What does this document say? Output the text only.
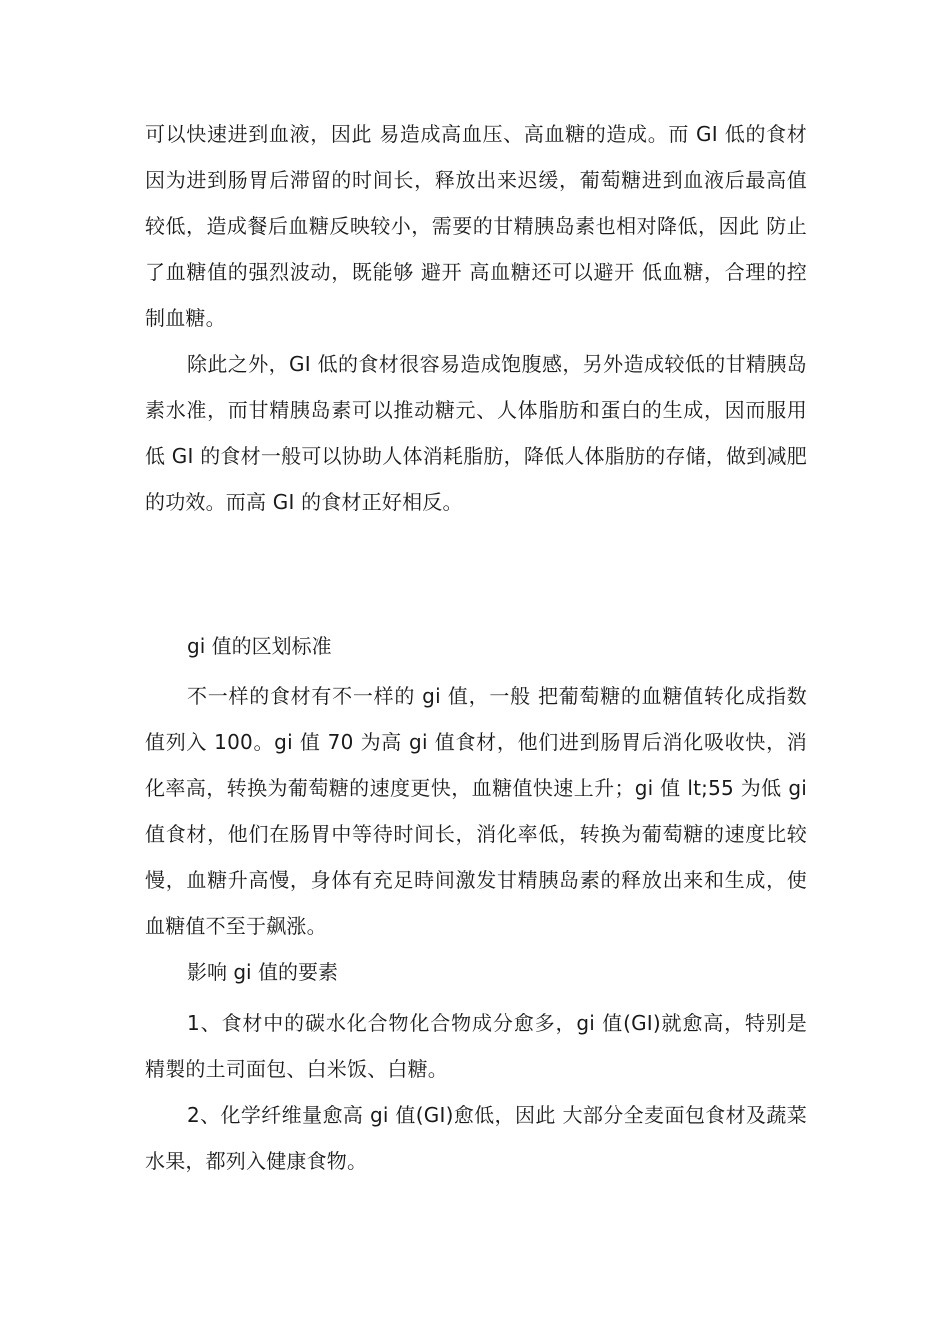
可以快速进到血液，因此 易造成高血压、高血糖的造成。而 GI 低的食材因为进到肠胃后滞留的时间长，释放出来迟缓，葡萄糖进到血液后最高值较低，造成餐后血糖反映较小，需要的甘精胰岛素也相对降低，因此 防止了血糖值的强烈波动，既能够 避开 高血糖还可以避开 低血糖，合理的控制血糖。

除此之外，GI 低的食材很容易造成饱腹感，另外造成较低的甘精胰岛素水准，而甘精胰岛素可以推动糖元、人体脂肪和蛋白的生成，因而服用低 GI 的食材一般可以协助人体消耗脂肪，降低人体脂肪的存储，做到减肥的功效。而高 GI 的食材正好相反。

gi 值的区划标准

不一样的食材有不一样的 gi 值，一般 把葡萄糖的血糖值转化成指数值列入 100。gi 值 70 为高 gi 值食材，他们进到肠胃后消化吸收快，消化率高，转换为葡萄糖的速度更快，血糖值快速上升；gi 值 lt;55 为低 gi 值食材，他们在肠胃中等待时间长，消化率低，转换为葡萄糖的速度比较慢，血糖升高慢，身体有充足時间激发甘精胰岛素的释放出来和生成，使血糖值不至于飙涨。

影响 gi 值的要素

1、食材中的碳水化合物化合物成分愈多，gi 值(GI)就愈高，特别是精製的土司面包、白米饭、白糖。

2、化学纤维量愈高 gi 值(GI)愈低，因此 大部分全麦面包食材及蔬菜水果，都列入健康食物。
